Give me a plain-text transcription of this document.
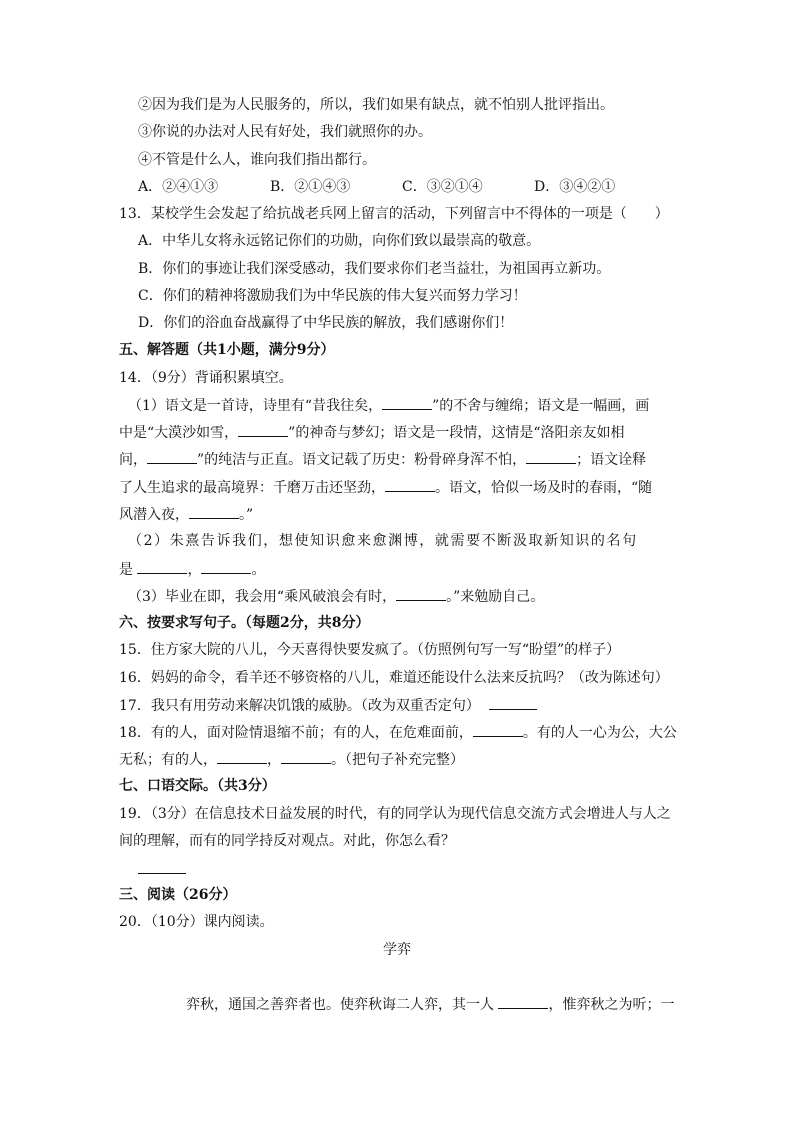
②因为我们是为人民服务的，所以，我们如果有缺点，就不怕别人批评指出。
③你说的办法对人民有好处，我们就照你的办。
④不管是什么人，谁向我们指出都行。
A．②④①③	B．②①④③	C．③②①④	D．③④②①
13．某校学生会发起了给抗战老兵网上留言的活动，下列留言中不得体的一项是（　　）
A．中华儿女将永远铭记你们的功勋，向你们致以最崇高的敬意。
B．你们的事迹让我们深受感动，我们要求你们老当益壮，为祖国再立新功。
C．你们的精神将激励我们为中华民族的伟大复兴而努力学习！
D．你们的浴血奋战赢得了中华民族的解放，我们感谢你们！
五、解答题（共1小题，满分9分）
14．（9分）背诵积累填空。
（1）语文是一首诗，诗里有“昔我往矣，	”的不舍与缠绵；语文是一幅画，画
中是“大漠沙如雪，	”的神奇与梦幻；语文是一段情，这情是“洛阳亲友如相
问，	”的纯洁与正直。语文记载了历史：粉骨碎身浑不怕，	；语文诠释
了人生追求的最高境界：千磨万击还坚劲，	。语文，恰似一场及时的春雨，“随
风潜入夜，	。”
（2）朱熹告诉我们，想使知识愈来愈渊博，就需要不断汲取新知识的名句
是	，	。
（3）毕业在即，我会用“乘风破浪会有时，	。”来勉励自己。
六、按要求写句子。（每题2分，共8分）
15．住方家大院的八儿，今天喜得快要发疯了。（仿照例句写一写“盼望”的样子）
16．妈妈的命令，看羊还不够资格的八儿，难道还能设什么法来反抗吗？（改为陈述句）
17．我只有用劳动来解决饥饿的威胁。（改为双重否定句）
18．有的人，面对险情退缩不前；有的人，在危难面前，	。有的人一心为公，大公
无私；有的人，	，	。（把句子补充完整）
七、口语交际。（共3分）
19．（3分）在信息技术日益发展的时代，有的同学认为现代信息交流方式会增进人与人之
间的理解，而有的同学持反对观点。对此，你怎么看？
三、阅读（26分）
20．（10分）课内阅读。
学弈
弈秋，通国之善弈者也。使弈秋诲二人弈，其一人	，惟弈秋之为听；一
